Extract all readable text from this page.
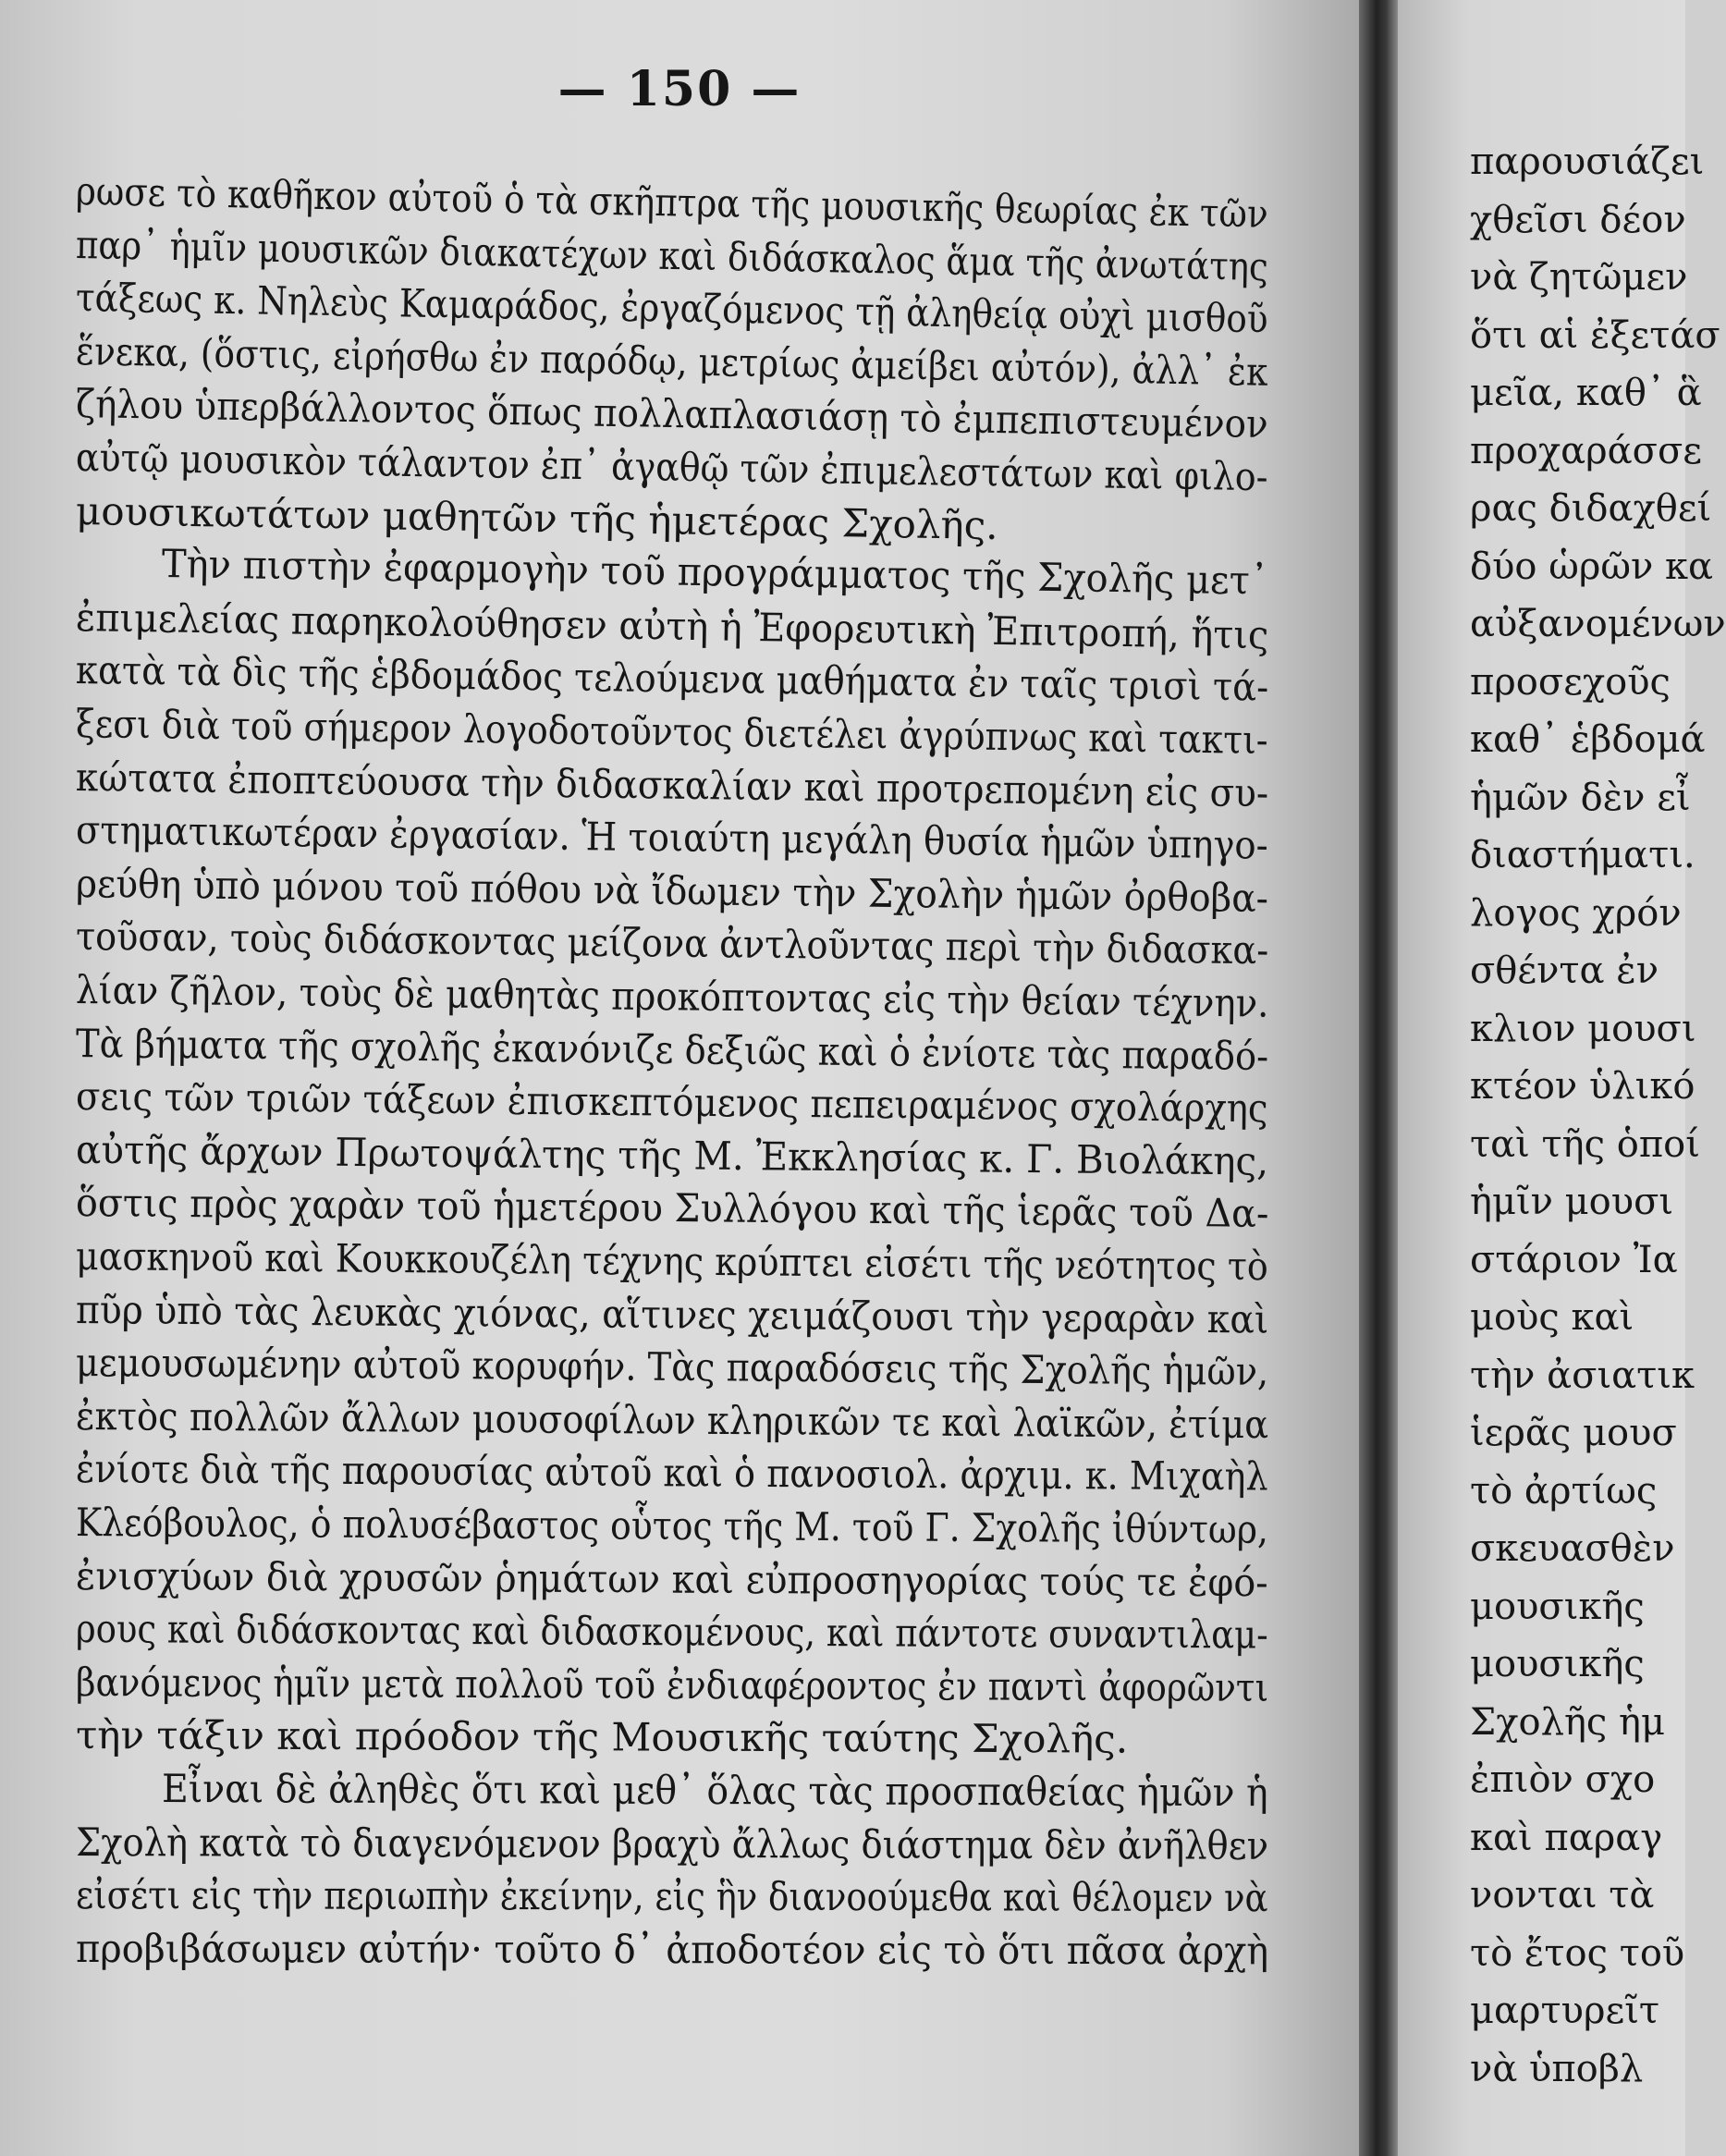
— 150 —
ρωσε τὸ καθῆκον αὐτοῦ ὁ τὰ σκῆπτρα τῆς μουσικῆς θεωρίας ἐκ τῶν
παρ᾽ ἡμῖν μουσικῶν διακατέχων καὶ διδάσκαλος ἅμα τῆς ἀνωτάτης
τάξεως κ. Νηλεὺς Καμαράδος, ἐργαζόμενος τῇ ἀληθείᾳ οὐχὶ μισθοῦ
ἕνεκα, (ὅστις, εἰρήσθω ἐν παρόδῳ, μετρίως ἀμείβει αὐτόν), ἀλλ᾽ ἐκ
ζήλου ὑπερβάλλοντος ὅπως πολλαπλασιάσῃ τὸ ἐμπεπιστευμένον
αὐτῷ μουσικὸν τάλαντον ἐπ᾽ ἀγαθῷ τῶν ἐπιμελεστάτων καὶ φιλο-
μουσικωτάτων μαθητῶν τῆς ἡμετέρας Σχολῆς.
Τὴν πιστὴν ἐφαρμογὴν τοῦ προγράμματος τῆς Σχολῆς μετ᾽
ἐπιμελείας παρηκολούθησεν αὐτὴ ἡ Ἐφορευτικὴ Ἐπιτροπή, ἥτις
κατὰ τὰ δὶς τῆς ἑβδομάδος τελούμενα μαθήματα ἐν ταῖς τρισὶ τά-
ξεσι διὰ τοῦ σήμερον λογοδοτοῦντος διετέλει ἀγρύπνως καὶ τακτι-
κώτατα ἐποπτεύουσα τὴν διδασκαλίαν καὶ προτρεπομένη εἰς συ-
στηματικωτέραν ἐργασίαν. Ἡ τοιαύτη μεγάλη θυσία ἡμῶν ὑπηγο-
ρεύθη ὑπὸ μόνου τοῦ πόθου νὰ ἴδωμεν τὴν Σχολὴν ἡμῶν ὀρθοβα-
τοῦσαν, τοὺς διδάσκοντας μείζονα ἀντλοῦντας περὶ τὴν διδασκα-
λίαν ζῆλον, τοὺς δὲ μαθητὰς προκόπτοντας εἰς τὴν θείαν τέχνην.
Τὰ βήματα τῆς σχολῆς ἐκανόνιζε δεξιῶς καὶ ὁ ἐνίοτε τὰς παραδό-
σεις τῶν τριῶν τάξεων ἐπισκεπτόμενος πεπειραμένος σχολάρχης
αὐτῆς ἄρχων Πρωτοψάλτης τῆς Μ. Ἐκκλησίας κ. Γ. Βιολάκης,
ὅστις πρὸς χαρὰν τοῦ ἡμετέρου Συλλόγου καὶ τῆς ἱερᾶς τοῦ Δα-
μασκηνοῦ καὶ Κουκκουζέλη τέχνης κρύπτει εἰσέτι τῆς νεότητος τὸ
πῦρ ὑπὸ τὰς λευκὰς χιόνας, αἵτινες χειμάζουσι τὴν γεραρὰν καὶ
μεμουσωμένην αὐτοῦ κορυφήν. Τὰς παραδόσεις τῆς Σχολῆς ἡμῶν,
ἐκτὸς πολλῶν ἄλλων μουσοφίλων κληρικῶν τε καὶ λαϊκῶν, ἐτίμα
ἐνίοτε διὰ τῆς παρουσίας αὐτοῦ καὶ ὁ πανοσιολ. ἀρχιμ. κ. Μιχαὴλ
Κλεόβουλος, ὁ πολυσέβαστος οὗτος τῆς Μ. τοῦ Γ. Σχολῆς ἰθύντωρ,
ἐνισχύων διὰ χρυσῶν ῥημάτων καὶ εὐπροσηγορίας τούς τε ἐφό-
ρους καὶ διδάσκοντας καὶ διδασκομένους, καὶ πάντοτε συναντιλαμ-
βανόμενος ἡμῖν μετὰ πολλοῦ τοῦ ἐνδιαφέροντος ἐν παντὶ ἀφορῶντι
τὴν τάξιν καὶ πρόοδον τῆς Μουσικῆς ταύτης Σχολῆς.
Εἶναι δὲ ἀληθὲς ὅτι καὶ μεθ᾽ ὅλας τὰς προσπαθείας ἡμῶν ἡ
Σχολὴ κατὰ τὸ διαγενόμενον βραχὺ ἄλλως διάστημα δὲν ἀνῆλθεν
εἰσέτι εἰς τὴν περιωπὴν ἐκείνην, εἰς ἣν διανοούμεθα καὶ θέλομεν νὰ
προβιβάσωμεν αὐτήν· τοῦτο δ᾽ ἀποδοτέον εἰς τὸ ὅτι πᾶσα ἀρχὴ
παρουσιάζει
χθεῖσι δέον
νὰ ζητῶμεν
ὅτι αἱ ἐξετάσ
μεῖα, καθ᾽ ἃ
προχαράσσε
ρας διδαχθεί
δύο ὡρῶν κα
αὐξανομένων
προσεχοῦς
καθ᾽ ἑβδομά
ἡμῶν δὲν εἶ
διαστήματι.
λογος χρόν
σθέντα ἐν
κλιον μουσι
κτέον ὑλικό
ταὶ τῆς ὁποί
ἡμῖν μουσι
στάριον Ἰα
μοὺς καὶ
τὴν ἀσιατικ
ἱερᾶς μουσ
τὸ ἀρτίως
σκευασθὲν
μουσικῆς
μουσικῆς
Σχολῆς ἡμ
ἐπιὸν σχο
καὶ παραγ
νονται τὰ
τὸ ἔτος τοῦ
μαρτυρεῖτ
νὰ ὑποβλ
